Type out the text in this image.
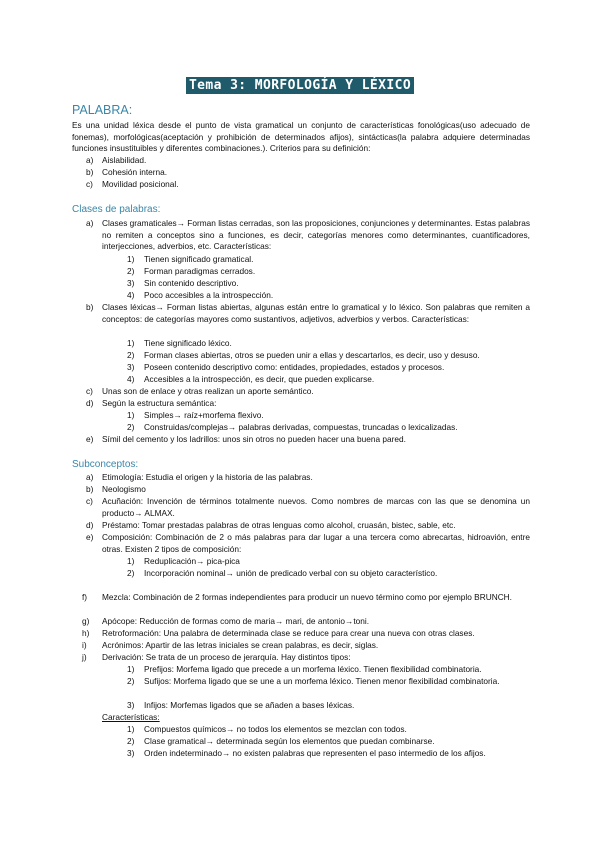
Tema 3: MORFOLOGÍA Y LÉXICO
PALABRA:
Es una unidad léxica desde el punto de vista gramatical un conjunto de características fonológicas(uso adecuado de fonemas), morfológicas(aceptación y prohibición de determinados afijos), sintácticas(la palabra adquiere determinadas funciones insustituibles y diferentes combinaciones.). Criterios para su definición:
a) Aislabilidad.
b) Cohesión interna.
c) Movilidad posicional.
Clases de palabras:
a) Clases gramaticales→ Forman listas cerradas, son las proposiciones, conjunciones y determinantes. Estas palabras no remiten a conceptos sino a funciones, es decir, categorías menores como determinantes, cuantificadores, interjecciones, adverbios, etc. Características:
1) Tienen significado gramatical.
2) Forman paradigmas cerrados.
3) Sin contenido descriptivo.
4) Poco accesibles a la introspección.
b) Clases léxicas→ Forman listas abiertas, algunas están entre lo gramatical y lo léxico. Son palabras que remiten a conceptos: de categorías mayores como sustantivos, adjetivos, adverbios y verbos. Características:
1) Tiene significado léxico.
2) Forman clases abiertas, otros se pueden unir a ellas y descartarlos, es decir, uso y desuso.
3) Poseen contenido descriptivo como: entidades, propiedades, estados y procesos.
4) Accesibles a la introspección, es decir, que pueden explicarse.
c) Unas son de enlace y otras realizan un aporte semántico.
d) Según la estructura semántica:
1) Simples→ raíz+morfema flexivo.
2) Construidas/complejas→ palabras derivadas, compuestas, truncadas o lexicalizadas.
e) Símil del cemento y los ladrillos: unos sin otros no pueden hacer una buena pared.
Subconceptos:
a) Etimología: Estudia el origen y la historia de las palabras.
b) Neologismo
c) Acuñación: Invención de términos totalmente nuevos. Como nombres de marcas con las que se denomina un producto→ ALMAX.
d) Préstamo: Tomar prestadas palabras de otras lenguas como alcohol, cruasán, bistec, sable, etc.
e) Composición: Combinación de 2 o más palabras para dar lugar a una tercera como abrecartas, hidroavión, entre otras. Existen 2 tipos de composición:
1) Reduplicación→ pica-pica
2) Incorporación nominal→ unión de predicado verbal con su objeto característico.
f) Mezcla: Combinación de 2 formas independientes para producir un nuevo término como por ejemplo BRUNCH.
g) Apócope: Reducción de formas como de maria→ mari, de antonio→toni.
h) Retroformación: Una palabra de determinada clase se reduce para crear una nueva con otras clases.
i) Acrónimos: Apartir de las letras iniciales se crean palabras, es decir, siglas.
j) Derivación: Se trata de un proceso de jerarquía. Hay distintos tipos:
1) Prefijos: Morfema ligado que precede a un morfema léxico. Tienen flexibilidad combinatoria.
2) Sufijos: Morfema ligado que se une a un morfema léxico. Tienen menor flexibilidad combinatoria.
3) Infijos: Morfemas ligados que se añaden a bases léxicas.
Características:
1) Compuestos químicos→ no todos los elementos se mezclan con todos.
2) Clase gramatical→ determinada según los elementos que puedan combinarse.
3) Orden indeterminado→ no existen palabras que representen el paso intermedio de los afijos.
